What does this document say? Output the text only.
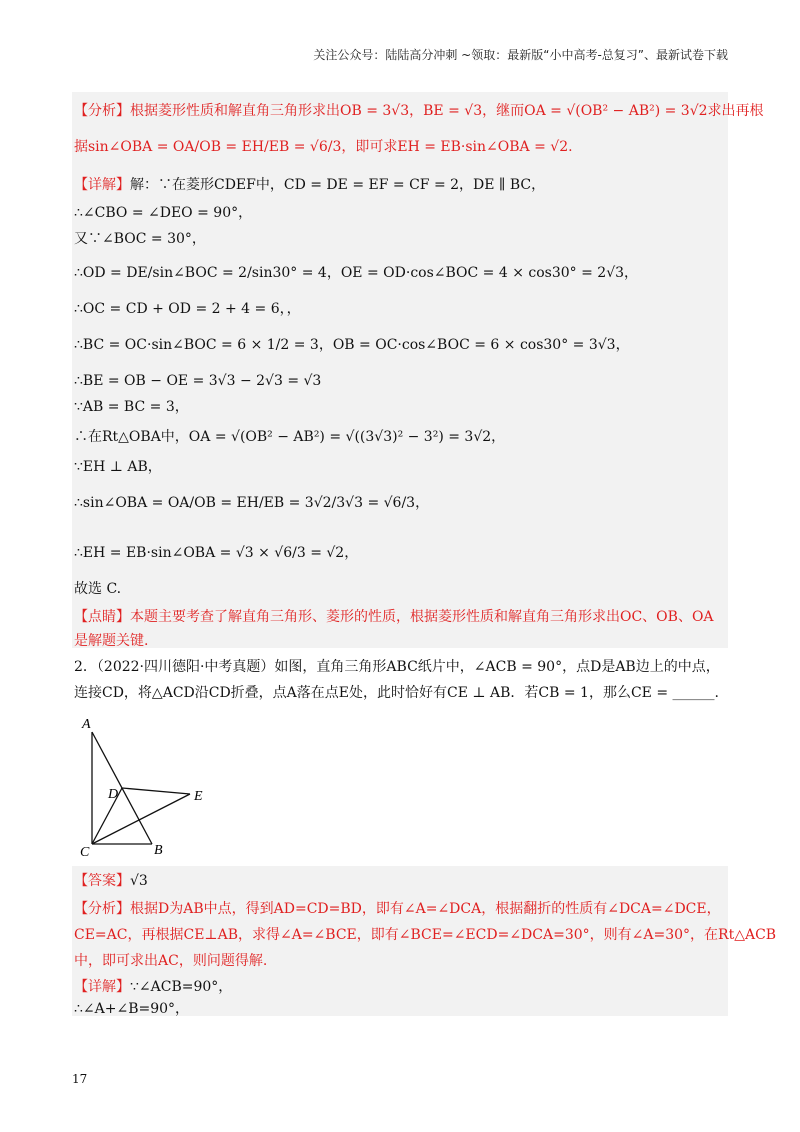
关注公众号：陆陆高分冲刺 ~领取：最新版“小中高考-总复习”、最新试卷下载
【分析】根据菱形性质和解直角三角形求出OB = 3√3，BE = √3，继而OA = √(OB² − AB²) = 3√2求出再根
据sin∠OBA = OA/OB = EH/EB = √6/3，即可求EH = EB·sin∠OBA = √2.
【详解】解：∵在菱形CDEF中，CD = DE = EF = CF = 2，DE ∥ BC，
∴∠CBO = ∠DEO = 90°，
又∵∠BOC = 30°，
∴OD = DE/sin∠BOC = 2/sin30° = 4，OE = OD·cos∠BOC = 4 × cos30° = 2√3，
∴OC = CD + OD = 2 + 4 = 6，，
∴BC = OC·sin∠BOC = 6 × 1/2 = 3，OB = OC·cos∠BOC = 6 × cos30° = 3√3，
∴BE = OB − OE = 3√3 − 2√3 = √3
∵AB = BC = 3，
∴在Rt△OBA中，OA = √(OB² − AB²) = √((3√3)² − 3²) = 3√2，
∵EH ⊥ AB，
∴sin∠OBA = OA/OB = EH/EB = 3√2/3√3 = √6/3，
∴EH = EB·sin∠OBA = √3 × √6/3 = √2，
故选 C.
【点睛】本题主要考查了解直角三角形、菱形的性质，根据菱形性质和解直角三角形求出OC、OB、OA
是解题关键.
2．（2022·四川德阳·中考真题）如图，直角三角形ABC纸片中，∠ACB = 90°，点D是AB边上的中点，
连接CD，将△ACD沿CD折叠，点A落在点E处，此时恰好有CE ⊥ AB．若CB = 1，那么CE = ______.
A
D	E
C	B
【答案】√3
【分析】根据D为AB中点，得到AD=CD=BD，即有∠A=∠DCA，根据翻折的性质有∠DCA=∠DCE，
CE=AC，再根据CE⊥AB，求得∠A=∠BCE，即有∠BCE=∠ECD=∠DCA=30°，则有∠A=30°，在Rt△ACB
中，即可求出AC，则问题得解.
【详解】∵∠ACB=90°，
∴∠A+∠B=90°，
17
